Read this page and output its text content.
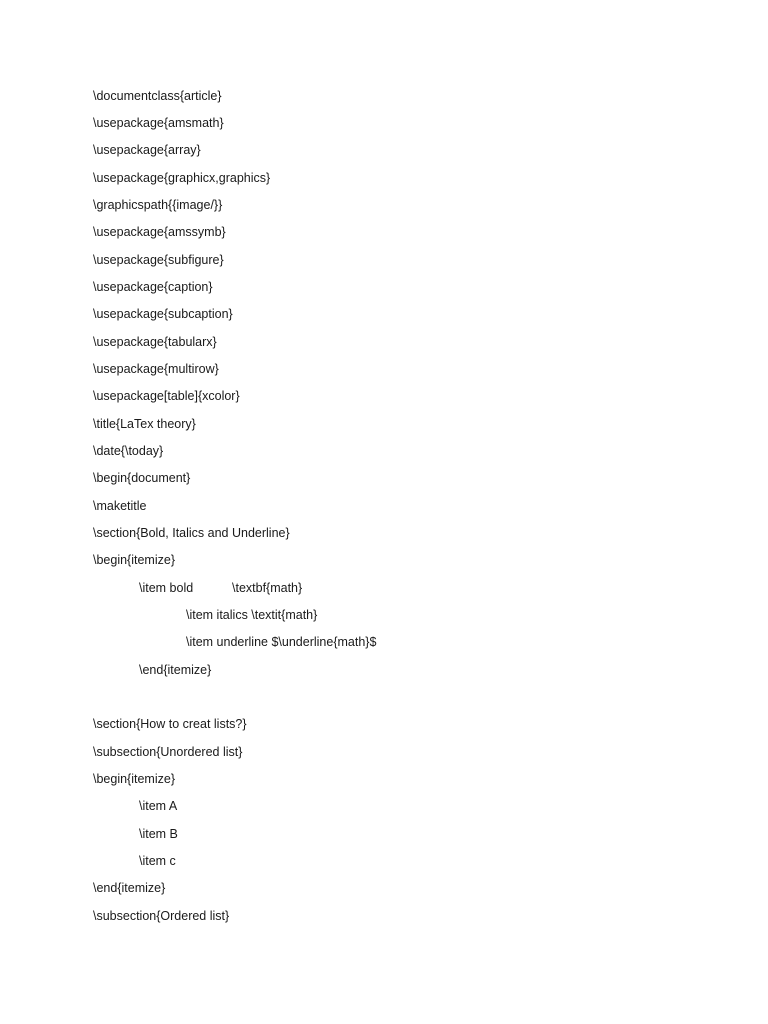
\documentclass{article}
\usepackage{amsmath}
\usepackage{array}
\usepackage{graphicx,graphics}
\graphicspath{{image/}}
\usepackage{amssymb}
\usepackage{subfigure}
\usepackage{caption}
\usepackage{subcaption}
\usepackage{tabularx}
\usepackage{multirow}
\usepackage[table]{xcolor}
\title{LaTex theory}
\date{\today}
\begin{document}
\maketitle
\section{Bold, Italics and Underline}
\begin{itemize}
\item bold	\textbf{math}
\item italics \textit{math}
\item underline $\underline{math}$
\end{itemize}
\section{How to creat lists?}
\subsection{Unordered list}
\begin{itemize}
\item A
\item B
\item c
\end{itemize}
\subsection{Ordered list}
